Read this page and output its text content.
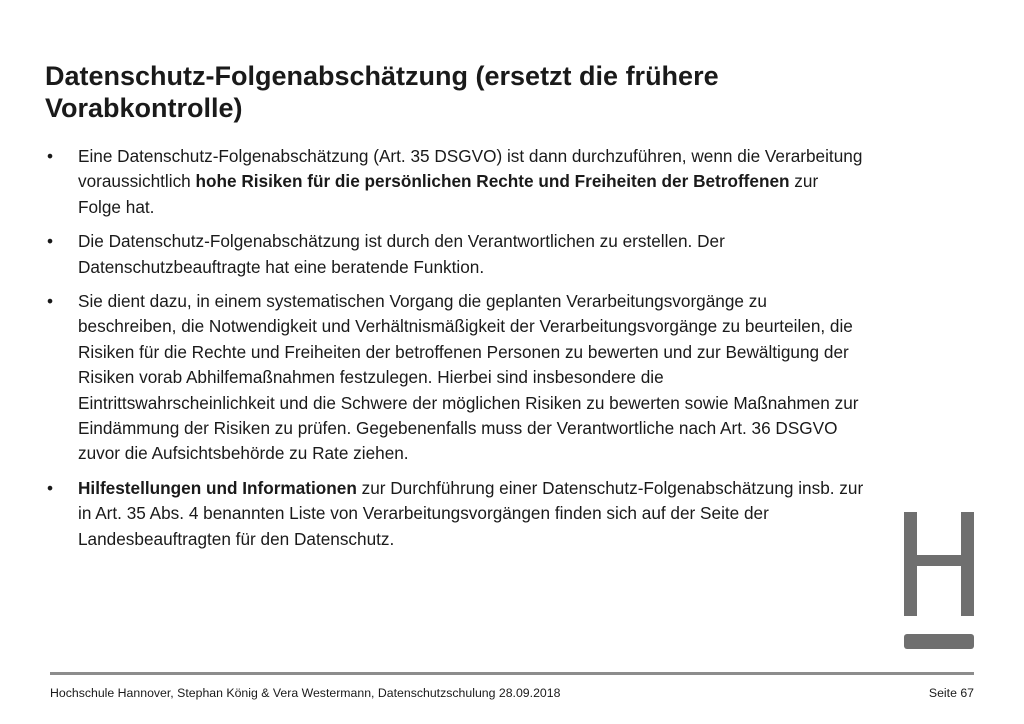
Datenschutz-Folgenabschätzung (ersetzt die frühere
Vorabkontrolle)
• Eine Datenschutz-Folgenabschätzung (Art. 35 DSGVO) ist dann durchzuführen, wenn die Verarbeitung voraussichtlich hohe Risiken für die persönlichen Rechte und Freiheiten der Betroffenen zur Folge hat.
• Die Datenschutz-Folgenabschätzung ist durch den Verantwortlichen zu erstellen. Der Datenschutzbeauftragte hat eine beratende Funktion.
• Sie dient dazu, in einem systematischen Vorgang die geplanten Verarbeitungsvorgänge zu beschreiben, die Notwendigkeit und Verhältnismäßigkeit der Verarbeitungsvorgänge zu beurteilen, die Risiken für die Rechte und Freiheiten der betroffenen Personen zu bewerten und zur Bewältigung der Risiken vorab Abhilfemaßnahmen festzulegen. Hierbei sind insbesondere die Eintrittswahrscheinlichkeit und die Schwere der möglichen Risiken zu bewerten sowie Maßnahmen zur Eindämmung der Risiken zu prüfen. Gegebenenfalls muss der Verantwortliche nach Art. 36 DSGVO zuvor die Aufsichtsbehörde zu Rate ziehen.
• Hilfestellungen und Informationen zur Durchführung einer Datenschutz-Folgenabschätzung insb. zur in Art. 35 Abs. 4 benannten Liste von Verarbeitungsvorgängen finden sich auf der Seite der Landesbeauftragten für den Datenschutz.
Hochschule Hannover, Stephan König & Vera Westermann, Datenschutzschulung 28.09.2018	Seite 67
